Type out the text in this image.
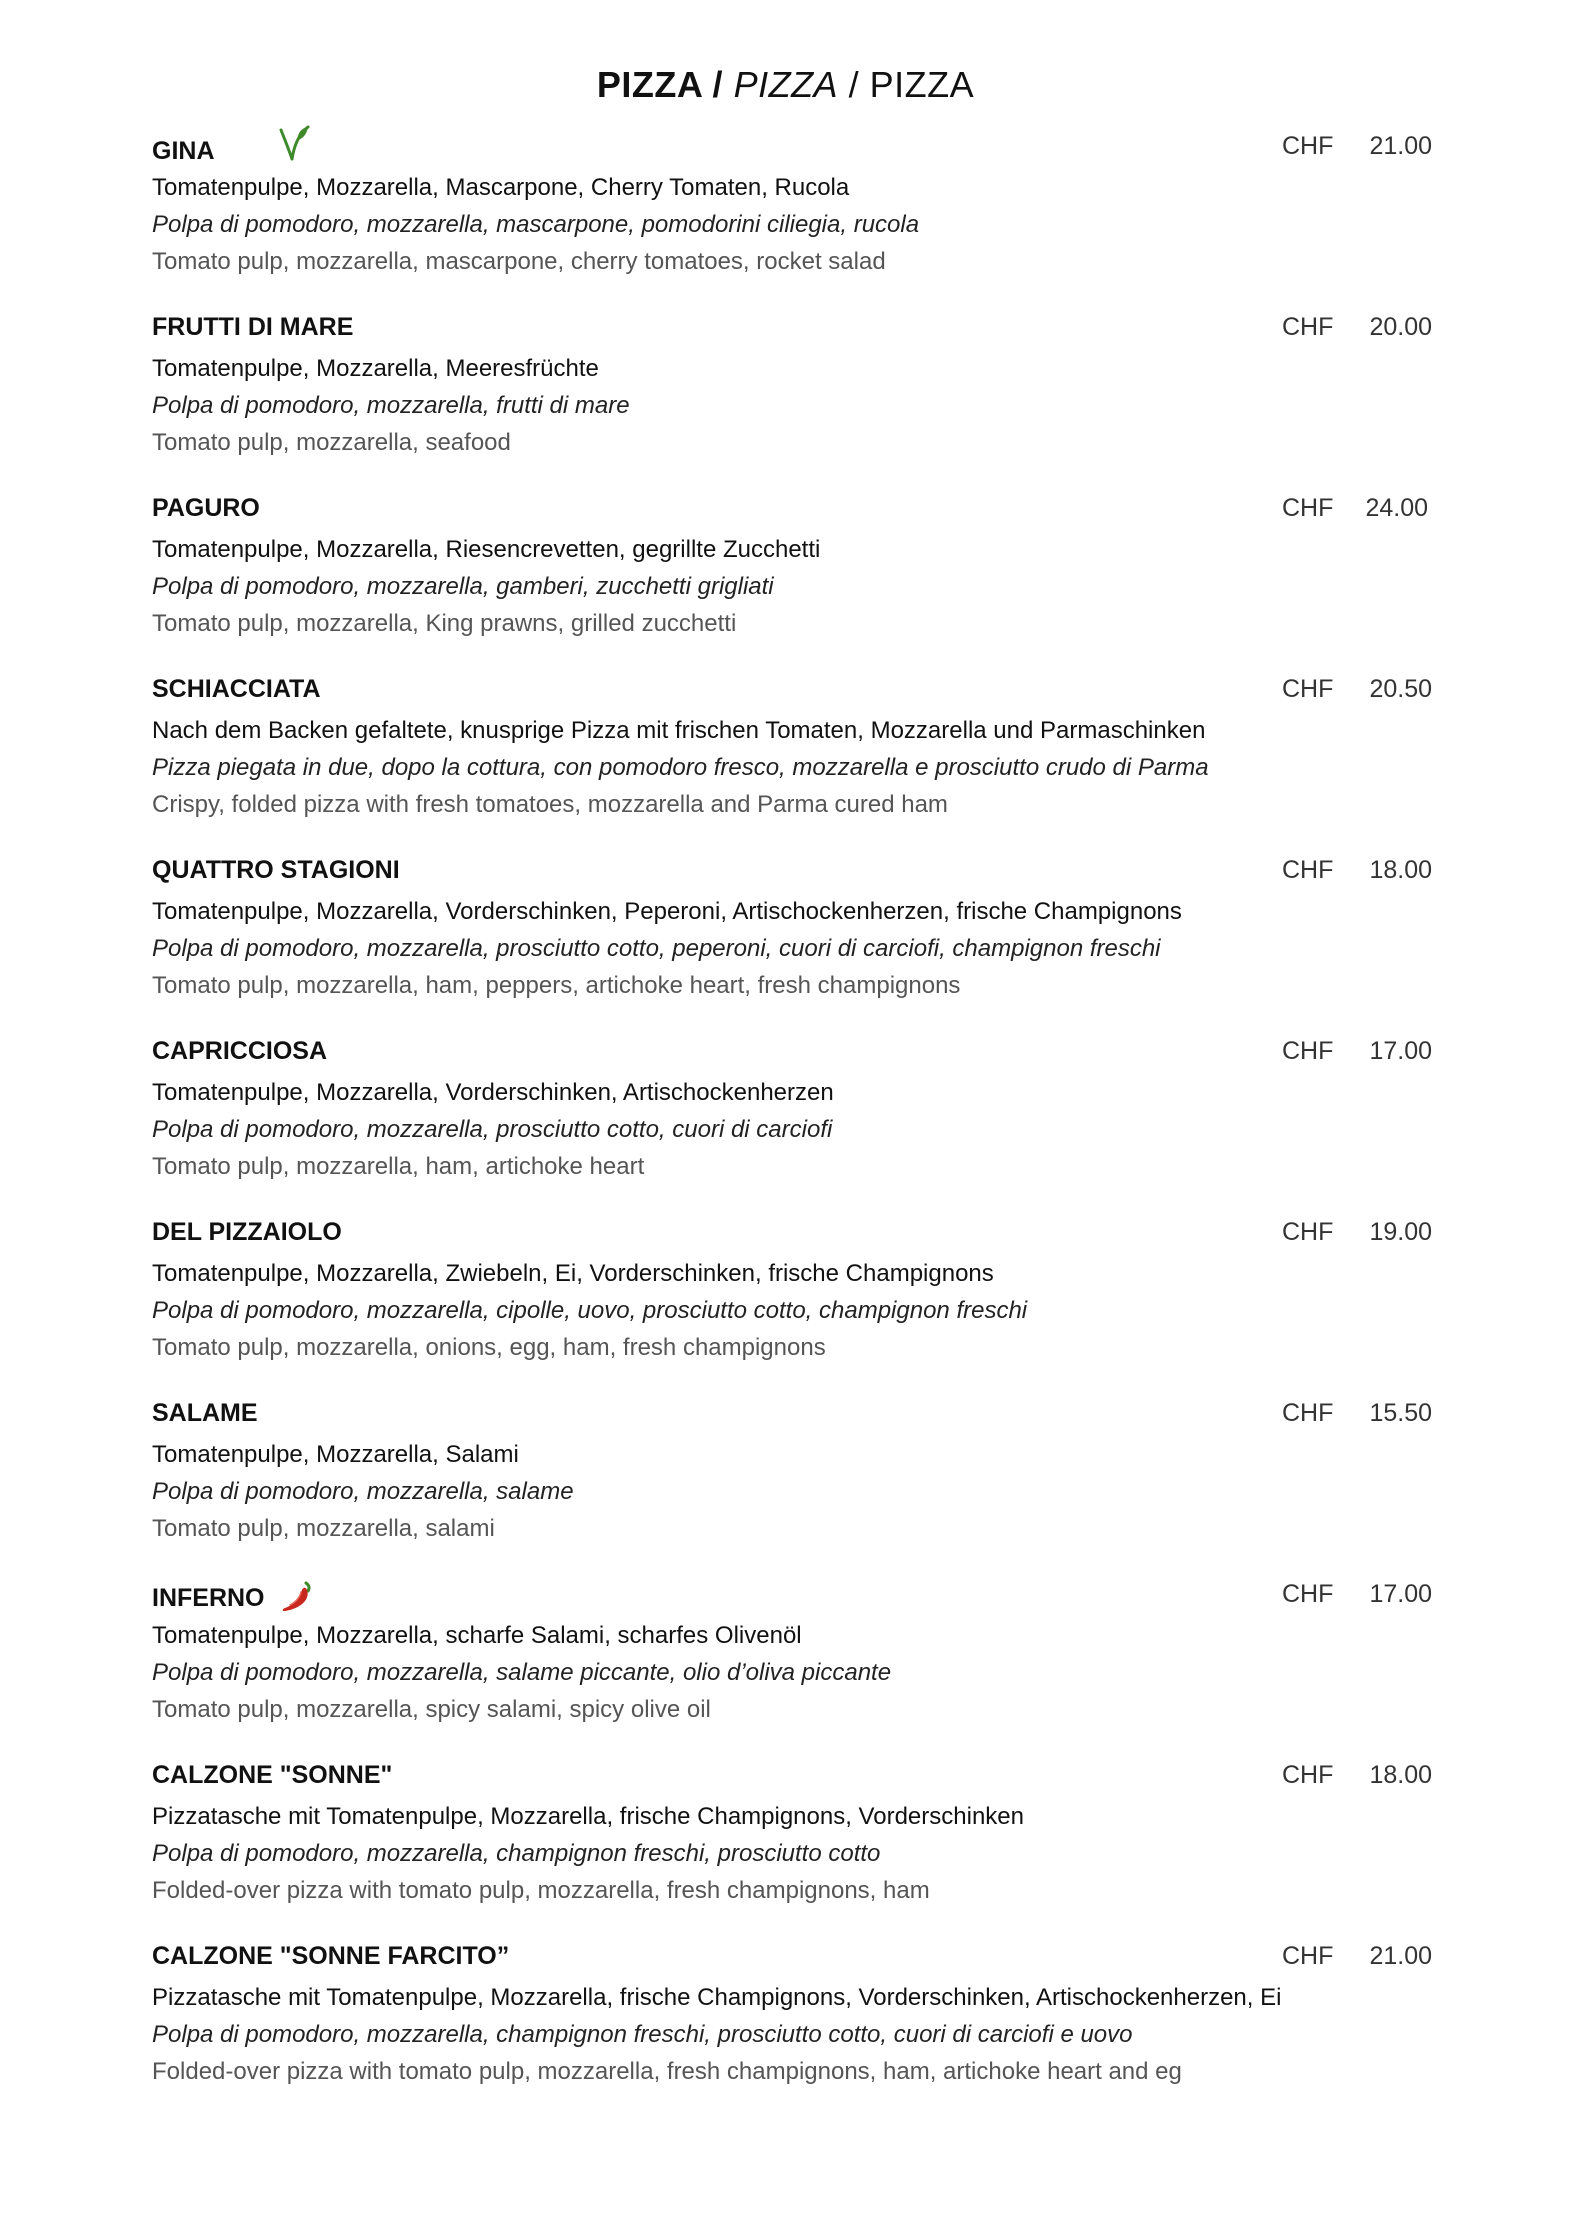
PIZZA / PIZZA / PIZZA
GINA	CHF 21.00
Tomatenpulpe, Mozzarella, Mascarpone, Cherry Tomaten, Rucola
Polpa di pomodoro, mozzarella, mascarpone, pomodorini ciliegia, rucola
Tomato pulp, mozzarella, mascarpone, cherry tomatoes, rocket salad
FRUTTI DI MARE	CHF 20.00
Tomatenpulpe, Mozzarella, Meeresfrüchte
Polpa di pomodoro, mozzarella, frutti di mare
Tomato pulp, mozzarella, seafood
PAGURO	CHF 24.00
Tomatenpulpe, Mozzarella, Riesencrevetten, gegrillte Zucchetti
Polpa di pomodoro, mozzarella, gamberi, zucchetti grigliati
Tomato pulp, mozzarella, King prawns, grilled zucchetti
SCHIACCIATA	CHF 20.50
Nach dem Backen gefaltete, knusprige Pizza mit frischen Tomaten, Mozzarella und Parmaschinken
Pizza piegata in due, dopo la cottura, con pomodoro fresco, mozzarella e prosciutto crudo di Parma
Crispy, folded pizza with fresh tomatoes, mozzarella and Parma cured ham
QUATTRO STAGIONI	CHF 18.00
Tomatenpulpe, Mozzarella, Vorderschinken, Peperoni, Artischockenherzen, frische Champignons
Polpa di pomodoro, mozzarella, prosciutto cotto, peperoni, cuori di carciofi, champignon freschi
Tomato pulp, mozzarella, ham, peppers, artichoke heart, fresh champignons
CAPRICCIOSA	CHF 17.00
Tomatenpulpe, Mozzarella, Vorderschinken, Artischockenherzen
Polpa di pomodoro, mozzarella, prosciutto cotto, cuori di carciofi
Tomato pulp, mozzarella, ham, artichoke heart
DEL PIZZAIOLO	CHF 19.00
Tomatenpulpe, Mozzarella, Zwiebeln, Ei, Vorderschinken, frische Champignons
Polpa di pomodoro, mozzarella, cipolle, uovo, prosciutto cotto, champignon freschi
Tomato pulp, mozzarella, onions, egg, ham, fresh champignons
SALAME	CHF 15.50
Tomatenpulpe, Mozzarella, Salami
Polpa di pomodoro, mozzarella, salame
Tomato pulp, mozzarella, salami
INFERNO	CHF 17.00
Tomatenpulpe, Mozzarella, scharfe Salami, scharfes Olivenöl
Polpa di pomodoro, mozzarella, salame piccante, olio d’oliva piccante
Tomato pulp, mozzarella, spicy salami, spicy olive oil
CALZONE "SONNE"	CHF 18.00
Pizzatasche mit Tomatenpulpe, Mozzarella, frische Champignons, Vorderschinken
Polpa di pomodoro, mozzarella, champignon freschi, prosciutto cotto
Folded-over pizza with tomato pulp, mozzarella, fresh champignons, ham
CALZONE "SONNE FARCITO”	CHF 21.00
Pizzatasche mit Tomatenpulpe, Mozzarella, frische Champignons, Vorderschinken, Artischockenherzen, Ei
Polpa di pomodoro, mozzarella, champignon freschi, prosciutto cotto, cuori di carciofi e uovo
Folded-over pizza with tomato pulp, mozzarella, fresh champignons, ham, artichoke heart and eg
